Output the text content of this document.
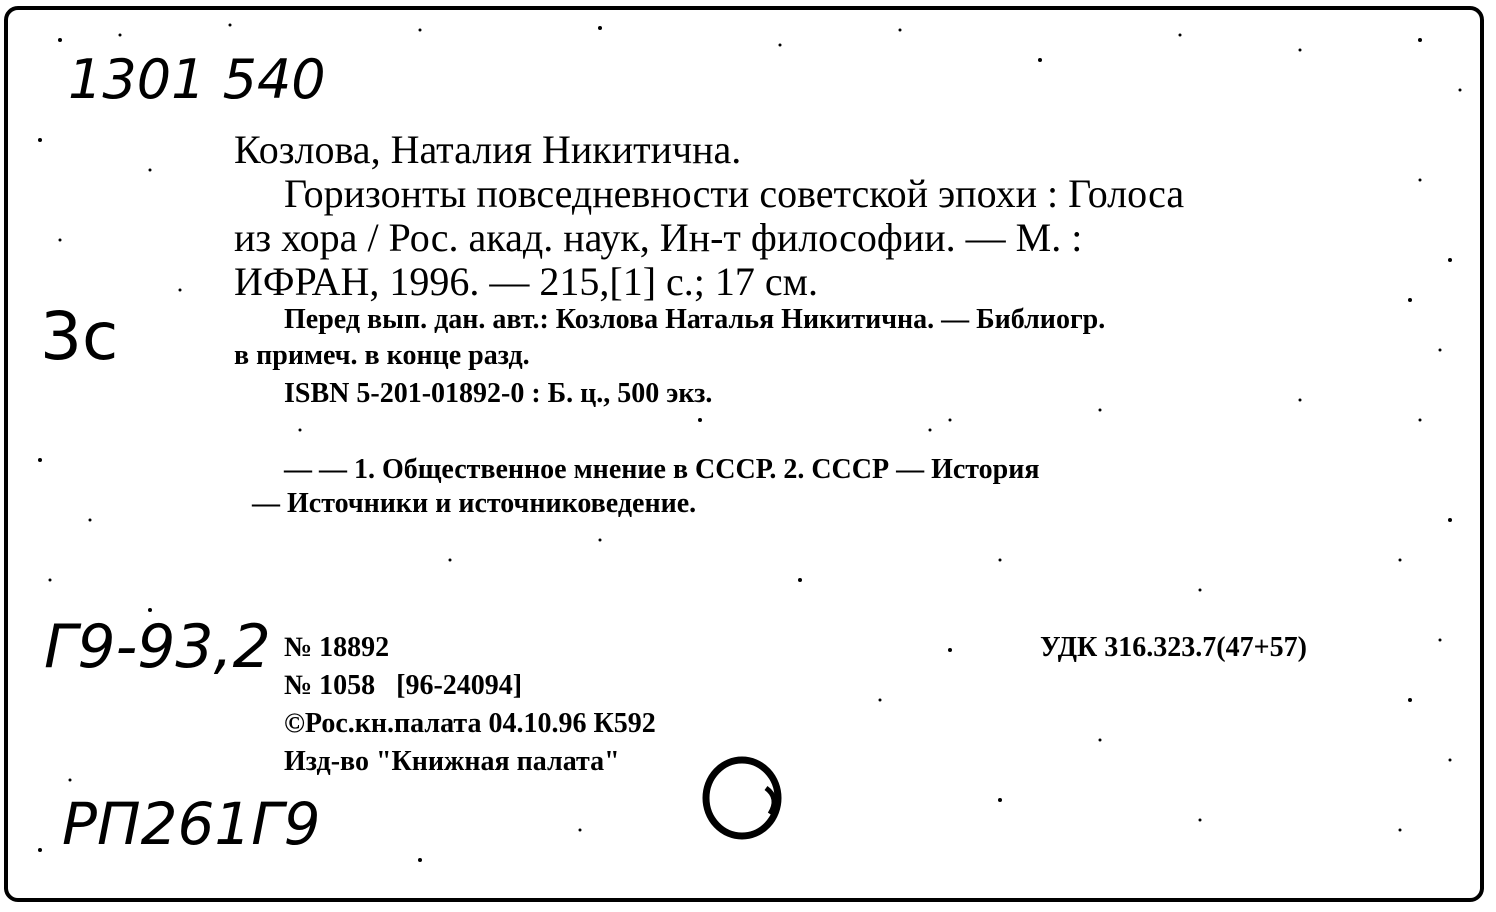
1301 540
3с
Г9-93,2
РП261Г9
Козлова, Наталия Никитична.
Горизонты повседневности советской эпохи : Голоса
из хора / Рос. акад. наук, Ин-т философии. — М. :
ИФРАН, 1996. — 215,[1] с.; 17 см.
Перед вып. дан. авт.: Козлова Наталья Никитична. — Библиогр.
в примеч. в конце разд.
ISBN 5-201-01892-0 : Б. ц., 500 экз.
— — 1. Общественное мнение в СССР. 2. СССР — История
— Источники и источниковедение.
№ 18892
№ 1058   [96-24094]
©Рос.кн.палата 04.10.96 К592
Изд-во "Книжная палата"
УДК 316.323.7(47+57)
